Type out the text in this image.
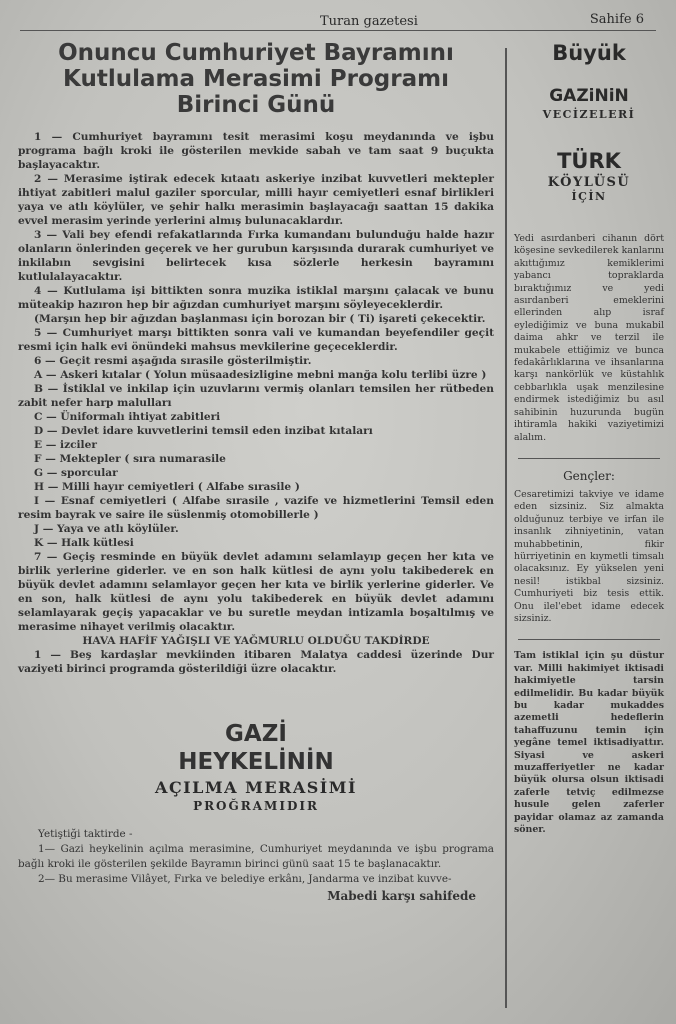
Turan gazetesi	Sahife 6
Onuncu Cumhuriyet Bayramını
Kutlulama Merasimi Programı
Birinci Günü

1 — Cumhuriyet bayramını tesit merasimi koşu meydanında ve işbu programa bağlı kroki ile gösterilen mevkide sabah ve tam saat 9 buçukta başlayacaktır.

2 — Merasime iştirak edecek kıtaatı askeriye inzibat kuvvetleri mektepler ihtiyat zabitleri malul gaziler sporcular, milli hayır cemiyetleri esnaf birlikleri yaya ve atlı köylüler, ve şehir halkı merasimin başlayacağı saattan 15 dakika evvel merasim yerinde yerlerini almış bulunacaklardır.

3 — Vali bey efendi refakatlarında Fırka kumandanı bulunduğu halde hazır olanların önlerinden geçerek ve her gurubun karşısında durarak cumhuriyet ve inkilabın sevgisini belirtecek kısa sözlerle herkesin bayramını kutlulalayacaktır.

4 — Kutlulama işi bittikten sonra muzika istiklal marşını çalacak ve bunu müteakip hazıron hep bir ağızdan cumhuriyet marşını söyleyeceklerdir.

(Marşın hep bir ağızdan başlanması için borozan bir ( Ti) işareti çekecektir.

5 — Cumhuriyet marşı bittikten sonra vali ve kumandan beyefendiler geçit resmi için halk evi önündeki mahsus mevkilerine geçeceklerdir.

6 — Geçit resmi aşağıda sırasile gösterilmiştir.

A — Askeri kıtalar ( Yolun müsaadesizligine mebni manğa kolu terlibi üzre )

B — İstiklal ve inkilap için uzuvlarını vermiş olanları temsilen her rütbeden zabit nefer harp malulları

C — Üniformalı ihtiyat zabitleri

D — Devlet idare kuvvetlerini temsil eden inzibat kıtaları

E — izciler

F — Mektepler ( sıra numarasile

G — sporcular

H — Milli hayır cemiyetleri ( Alfabe sırasile )

I — Esnaf cemiyetleri ( Alfabe sırasile , vazife ve hizmetlerini Temsil eden resim bayrak ve saire ile süslenmiş otomobillerle )

J — Yaya ve atlı köylüler.

K — Halk kütlesi

7 — Geçiş resminde en büyük devlet adamını selamlayıp geçen her kıta ve birlik yerlerine giderler. ve en son halk kütlesi de aynı yolu takibederek en büyük devlet adamını selamlayor geçen her kıta ve birlik yerlerine giderler. Ve en son, halk kütlesi de aynı yolu takibederek en büyük devlet adamını selamlayarak geçiş yapacaklar ve bu suretle meydan intizamla boşaltılmış ve merasime nihayet verilmiş olacaktır.

HAVA HAFİF YAĞIŞLI VE YAĞMURLU OLDUĞU TAKDİRDE

1 — Beş kardaşlar mevkiinden itibaren Malatya caddesi üzerinde Dur vaziyeti birinci programda gösterildiği üzre olacaktır.

GAZİ
HEYKELİNİN
AÇILMA MERASİMİ
PROĞRAMIDIR

Yetiştiği taktirde -

1— Gazi heykelinin açılma merasimine, Cumhuriyet meydanında ve işbu programa bağlı kroki ile gösterilen şekilde Bayramın birinci günü saat 15 te başlanacaktır.

2— Bu merasime Vilâyet, Fırka ve belediye erkânı, Jandarma ve inzibat kuvve-

Mabedi karşı sahifede

Büyük
GAZiNiN
VECİZELERİ
TÜRK
KÖYLÜSÜ
İÇİN
Yedi asırdanberi cihanın dört köşesine sevkedilerek kanlarını akıttığımız kemiklerimi yabancı topraklarda bıraktığımız ve yedi asırdanberi emeklerini ellerinden alıp israf eylediğimiz ve buna mukabil daima ahkr ve terzil ile mukabele ettiğimiz ve bunca fedakârlıklarına ve ihsanlarına karşı nankörlük ve küstahlık cebbarlıkla uşak menzilesine endirmek istediğimiz bu asıl sahibinin huzurunda bugün ihtiramla hakiki vaziyetimizi alalım.
Gençler:
Cesaretimizi takviye ve idame eden sizsiniz. Siz almakta olduğunuz terbiye ve irfan ile insanlık zihniyetinin, vatan muhabbetinin, fikir hürriyetinin en kıymetli timsalı olacaksınız. Ey yükselen yeni nesil! istikbal sizsiniz. Cumhuriyeti biz tesis ettik. Onu ilel'ebet idame edecek sizsiniz.
Tam istiklal için şu düstur var. Milli hakimiyet iktisadi hakimiyetle tarsin edilmelidir. Bu kadar büyük bu kadar mukaddes azemetli hedeflerin tahaffuzunu temin için yegâne temel iktisadiyattır. Siyasi ve askeri muzafferiyetler ne kadar büyük olursa olsun iktisadi zaferle tetviç edilmezse husule gelen zaferler payidar olamaz az zamanda söner.
